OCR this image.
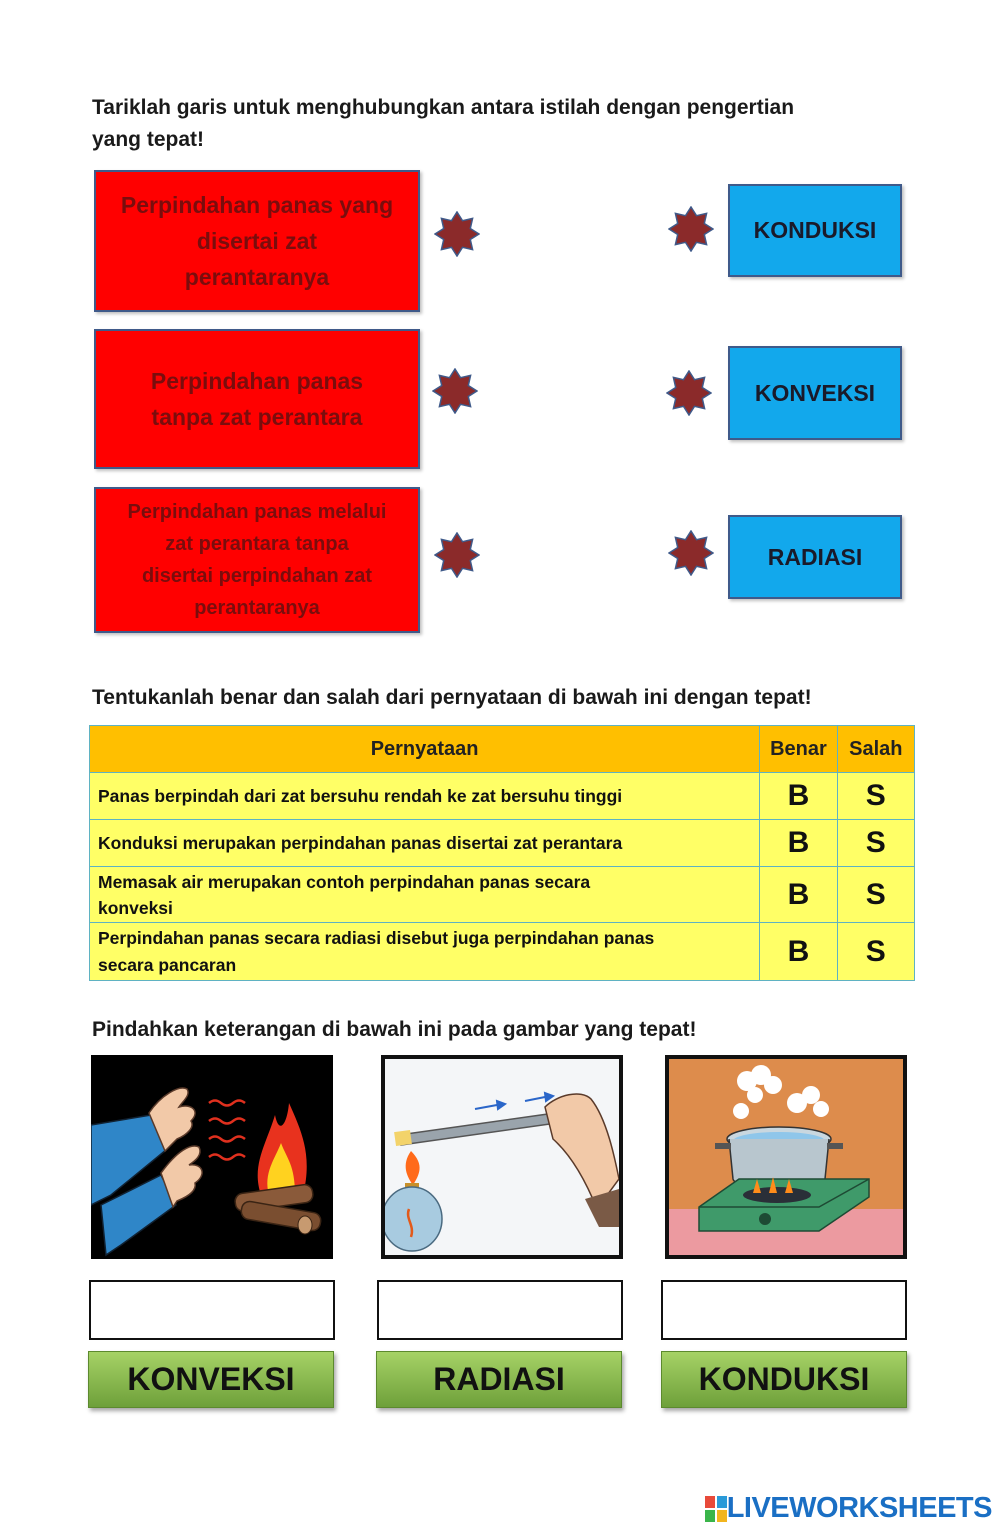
Tariklah garis untuk menghubungkan antara istilah dengan pengertian
yang tepat!
Perpindahan panas yang
disertai zat
perantaranya
Perpindahan panas
tanpa zat perantara
Perpindahan panas melalui
zat perantara tanpa
disertai perpindahan zat
perantaranya
KONDUKSI
KONVEKSI
RADIASI
Tentukanlah benar dan salah dari pernyataan di bawah ini dengan tepat!
Pernyataan	Benar	Salah
Panas berpindah dari zat bersuhu rendah ke zat bersuhu tinggi	B	S
Konduksi merupakan perpindahan panas disertai zat perantara	B	S

Memasak air merupakan contoh perpindahan panas secara
konveksi	B	S

Perpindahan panas secara radiasi disebut juga perpindahan panas
secara pancaran	B	S
Pindahkan keterangan di bawah ini pada gambar yang tepat!
KONVEKSI	RADIASI	KONDUKSI
LIVEWORKSHEETS
